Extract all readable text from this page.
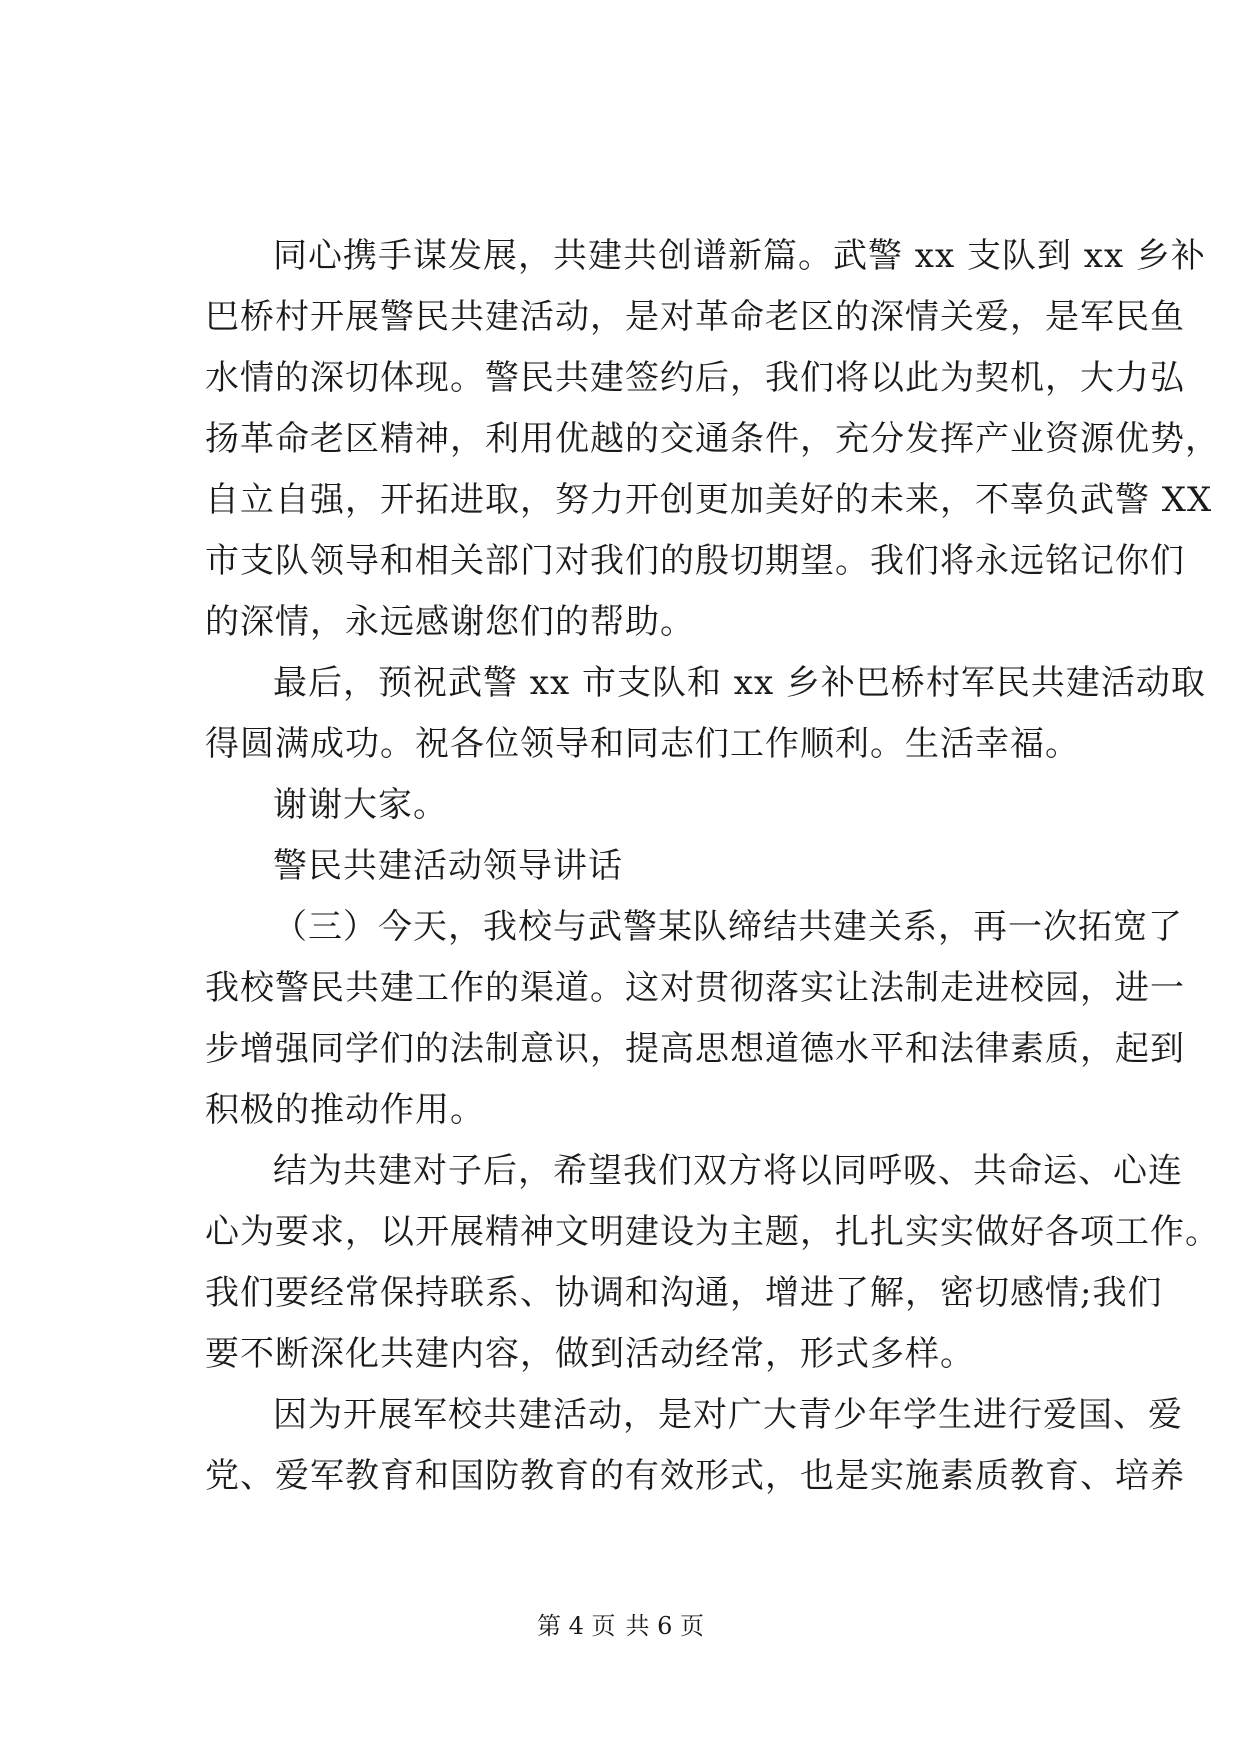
同心携手谋发展，共建共创谱新篇。武警 xx 支队到 xx 乡补
巴桥村开展警民共建活动，是对革命老区的深情关爱，是军民鱼
水情的深切体现。警民共建签约后，我们将以此为契机，大力弘
扬革命老区精神，利用优越的交通条件，充分发挥产业资源优势，
自立自强，开拓进取，努力开创更加美好的未来，不辜负武警 XX
市支队领导和相关部门对我们的殷切期望。我们将永远铭记你们
的深情，永远感谢您们的帮助。
最后，预祝武警 xx 市支队和 xx 乡补巴桥村军民共建活动取
得圆满成功。祝各位领导和同志们工作顺利。生活幸福。
谢谢大家。
警民共建活动领导讲话
（三）今天，我校与武警某队缔结共建关系，再一次拓宽了
我校警民共建工作的渠道。这对贯彻落实让法制走进校园，进一
步增强同学们的法制意识，提高思想道德水平和法律素质，起到
积极的推动作用。
结为共建对子后，希望我们双方将以同呼吸、共命运、心连
心为要求，以开展精神文明建设为主题，扎扎实实做好各项工作。
我们要经常保持联系、协调和沟通，增进了解，密切感情;我们
要不断深化共建内容，做到活动经常，形式多样。
因为开展军校共建活动，是对广大青少年学生进行爱国、爱
党、爱军教育和国防教育的有效形式，也是实施素质教育、培养
第 4 页 共 6 页
